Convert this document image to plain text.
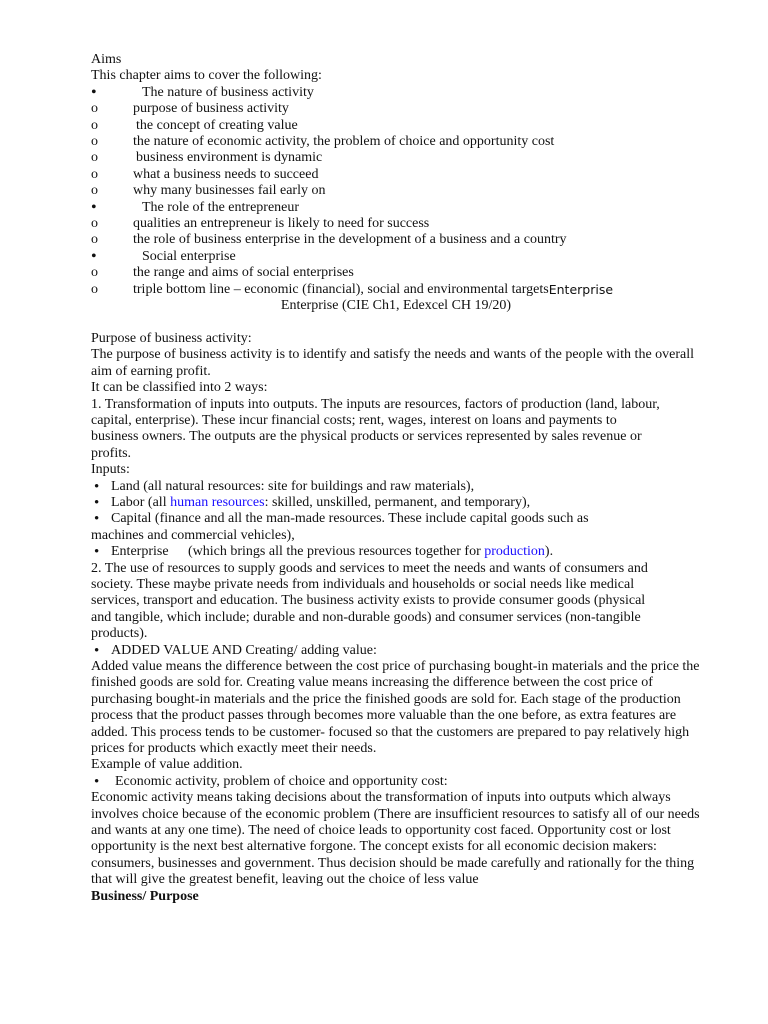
Aims
This chapter aims to cover the following:
•	The nature of business activity
o	purpose of business activity
o	the concept of creating value
o	the nature of economic activity, the problem of choice and opportunity cost
o	business environment is dynamic
o	what a business needs to succeed
o	why many businesses fail early on
•	The role of the entrepreneur
o	qualities an entrepreneur is likely to need for success
o	the role of business enterprise in the development of a business and a country
•	Social enterprise
o	the range and aims of social enterprises
o	triple bottom line – economic (financial), social and environmental targets Enterprise
Enterprise (CIE Ch1, Edexcel CH 19/20)
Purpose of business activity:
The purpose of business activity is to identify and satisfy the needs and wants of the people with the overall
aim of earning profit.
It can be classified into 2 ways:
1. Transformation of inputs into outputs. The inputs are resources, factors of production (land, labour,
capital, enterprise). These incur financial costs; rent, wages, interest on loans and payments to
business owners. The outputs are the physical products or services represented by sales revenue or
profits.
Inputs:
• Land (all natural resources: site for buildings and raw materials),
• Labor (all human resources: skilled, unskilled, permanent, and temporary),
• Capital (finance and all the man-made resources. These include capital goods such as
machines and commercial vehicles),
• Enterprise	(which brings all the previous resources together for production).
2. The use of resources to supply goods and services to meet the needs and wants of consumers and
society. These maybe private needs from individuals and households or social needs like medical
services, transport and education. The business activity exists to provide consumer goods (physical
and tangible, which include; durable and non-durable goods) and consumer services (non-tangible
products).
• ADDED VALUE AND Creating/ adding value:
Added value means the difference between the cost price of purchasing bought-in materials and the price the
finished goods are sold for. Creating value means increasing the difference between the cost price of
purchasing bought-in materials and the price the finished goods are sold for. Each stage of the production
process that the product passes through becomes more valuable than the one before, as extra features are
added. This process tends to be customer- focused so that the customers are prepared to pay relatively high
prices for products which exactly meet their needs.
Example of value addition.
•	Economic activity, problem of choice and opportunity cost:
Economic activity means taking decisions about the transformation of inputs into outputs which always
involves choice because of the economic problem (There are insufficient resources to satisfy all of our needs
and wants at any one time). The need of choice leads to opportunity cost faced. Opportunity cost or lost
opportunity is the next best alternative forgone. The concept exists for all economic decision makers:
consumers, businesses and government. Thus decision should be made carefully and rationally for the thing
that will give the greatest benefit, leaving out the choice of less value
Business/ Purpose
